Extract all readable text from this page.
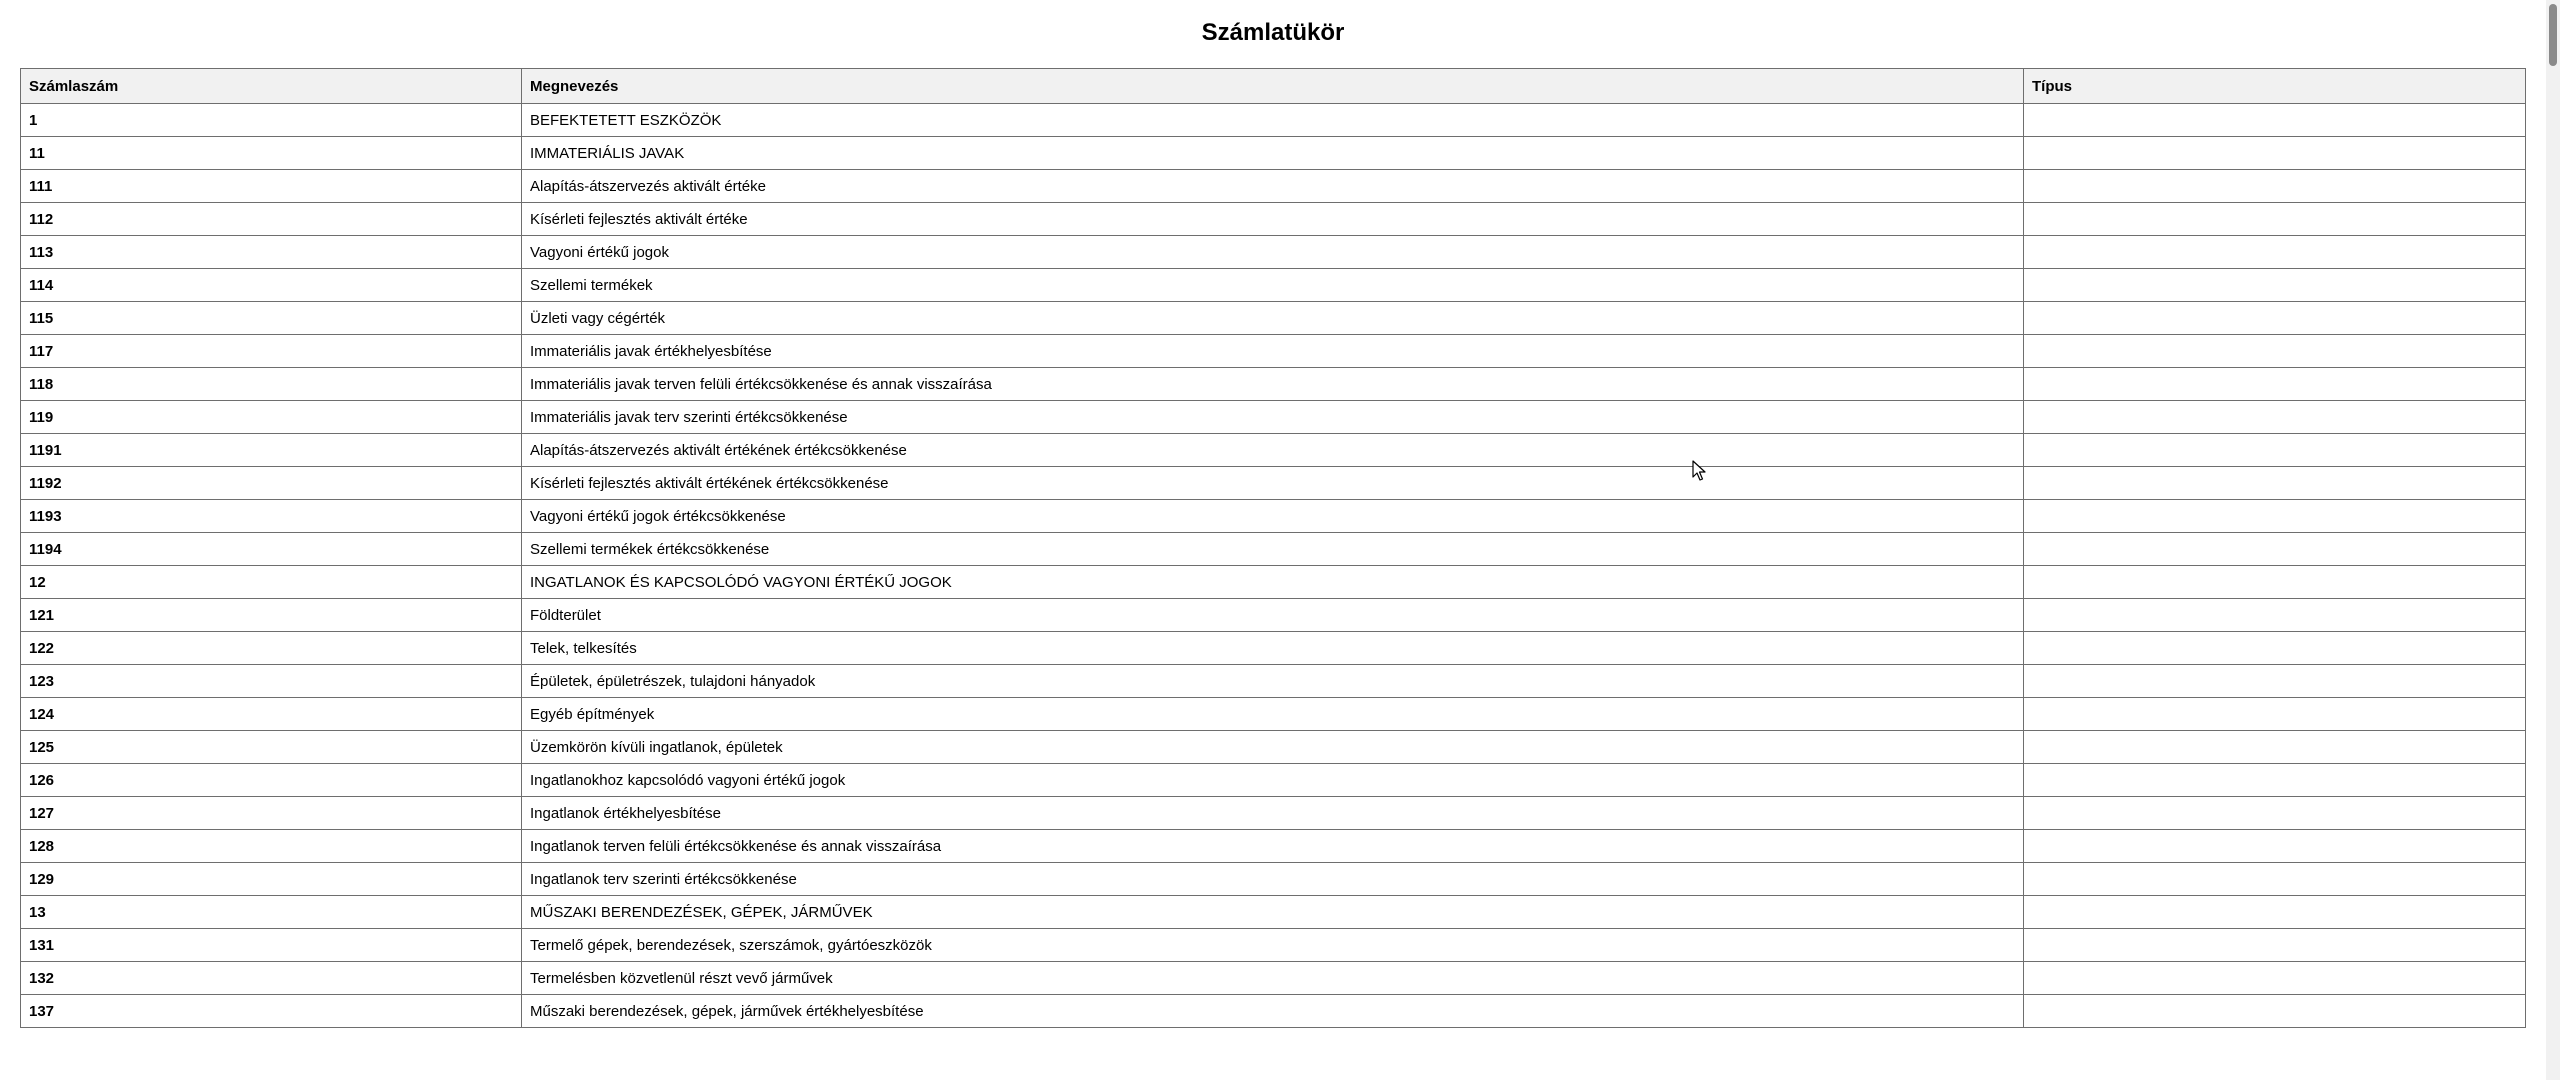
Számlatükör
Számlaszám	Megnevezés	Típus
1	BEFEKTETETT ESZKÖZÖK	
11	IMMATERIÁLIS JAVAK	
111	Alapítás-átszervezés aktivált értéke	
112	Kísérleti fejlesztés aktivált értéke	
113	Vagyoni értékű jogok	
114	Szellemi termékek	
115	Üzleti vagy cégérték	
117	Immateriális javak értékhelyesbítése	
118	Immateriális javak terven felüli értékcsökkenése és annak visszaírása	
119	Immateriális javak terv szerinti értékcsökkenése	
1191	Alapítás-átszervezés aktivált értékének értékcsökkenése	
1192	Kísérleti fejlesztés aktivált értékének értékcsökkenése	
1193	Vagyoni értékű jogok értékcsökkenése	
1194	Szellemi termékek értékcsökkenése	
12	INGATLANOK ÉS KAPCSOLÓDÓ VAGYONI ÉRTÉKŰ JOGOK	
121	Földterület	
122	Telek, telkesítés	
123	Épületek, épületrészek, tulajdoni hányadok	
124	Egyéb építmények	
125	Üzemkörön kívüli ingatlanok, épületek	
126	Ingatlanokhoz kapcsolódó vagyoni értékű jogok	
127	Ingatlanok értékhelyesbítése	
128	Ingatlanok terven felüli értékcsökkenése és annak visszaírása	
129	Ingatlanok terv szerinti értékcsökkenése	
13	MŰSZAKI BERENDEZÉSEK, GÉPEK, JÁRMŰVEK	
131	Termelő gépek, berendezések, szerszámok, gyártóeszközök	
132	Termelésben közvetlenül részt vevő járművek	
137	Műszaki berendezések, gépek, járművek értékhelyesbítése	
